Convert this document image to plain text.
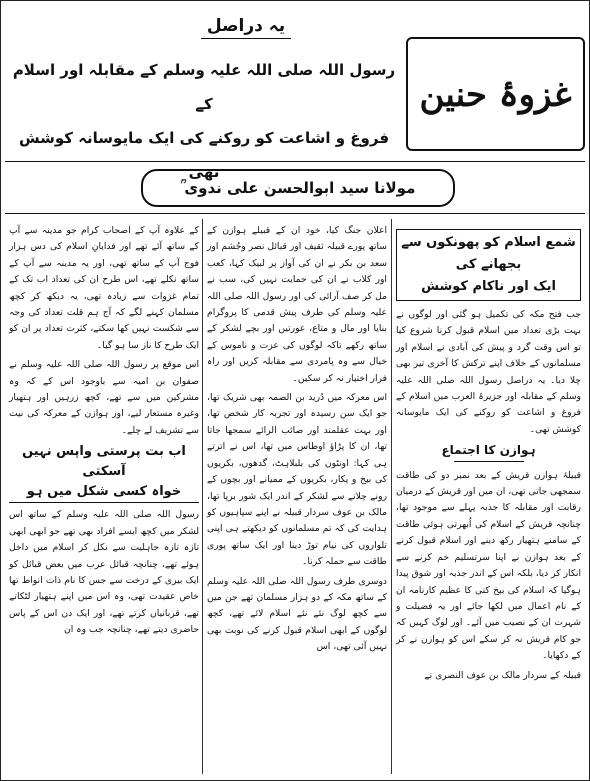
یہ دراصل
رسول اللہ صلی اللہ علیہ وسلم کے مقابلہ اور اسلام کے
فروغ و اشاعت کو روکنے کی ایک مایوسانہ کوشش تھی
غزوۂ حنین
مولانا سید ابوالحسن علی ندوی ؒ
شمع اسلام کو پھونکوں سے بجھانے کی
ایک اور ناکام کوشش

جب فتح مکہ کی تکمیل ہو گئی اور لوگوں نے بہت بڑی تعداد میں اسلام قبول کرنا شروع کیا تو اس وقت گرد و پیش کی آبادی نے اسلام اور مسلمانوں کے خلاف اپنے ترکش کا آخری تیر بھی چلا دیا۔ یہ دراصل رسول اللہ صلی اللہ علیہ وسلم کے مقابلہ اور جزیرۃ العرب میں اسلام کے فروغ و اشاعت کو روکنے کی ایک مایوسانہ کوشش تھی۔

ہوازن کا اجتماع

قبیلۂ ہوازن قریش کے بعد نمبر دو کی طاقت سمجھی جاتی تھی، ان میں اور قریش کے درمیان رقابت اور مقابلہ کا جذبہ پہلے سے موجود تھا، چنانچہ قریش کے اسلام کی اُبھرتی ہوئی طاقت کے سامنے ہتھیار رکھ دینے اور اسلام قبول کرنے کے بعد ہوازن نے اپنا سرتسلیم خم کرنے سے انکار کر دیا، بلکہ اس کے اندر جذبہ اور شوق پیدا ہوگیا کہ اسلام کی بیخ کنی کا عظیم کارنامہ ان کے نام اعمال میں لکھا جائے اور یہ فضیلت و شہرت ان کے نصیب میں آئے۔ اور لوگ کہیں کہ جو کام قریش نہ کر سکے اس کو ہوازن نے کر کے دکھایا۔

قبیلہ کے سردار مالک بن عوف النصری نے

اعلان جنگ کیا، خود ان کے قبیلے ہوازن کے ساتھ پورے قبیلہ ثقیف اور قبائل نصر وجُشم اور سعد بن بکر نے ان کی آواز پر لبیک کہا، کعب اور کلاب نے ان کی حمایت نہیں کی، سب نے مل کر صف آرائی کی اور رسول اللہ صلی اللہ علیہ وسلم کی طرف پیش قدمی کا پروگرام بنایا اور مال و متاع، عورتیں اور بچے لشکر کے ساتھ رکھے تاکہ لوگوں کی عزت و ناموس کے خیال سے وہ پامردی سے مقابلہ کریں اور راہ فرار اختیار نہ کر سکیں۔

اس معرکہ میں دُرید بن الصمہ بھی شریک تھا، جو ایک سن رسیدہ اور تجربہ کار شخص تھا، اور بہت عقلمند اور صائب الرائے سمجھا جاتا تھا، ان کا پڑاؤ اوطاس میں تھا، اس نے اترتے ہی کہا: اونٹوں کی بلبلاہٹ، گدھوں، بکریوں کی بیخ و پکار، بکریوں کے ممیانے اور بچوں کے رونے چلانے سے لشکر کے اندر ایک شور برپا تھا، مالک بن عوف سردار قبیلہ نے اپنے سپاہیوں کو ہدایت کی کہ تم مسلمانوں کو دیکھتے ہی اپنی تلواروں کی نیام توڑ دینا اور ایک ساتھ پوری طاقت سے حملہ کرنا۔

دوسری طرف رسول اللہ صلی اللہ علیہ وسلم کے ساتھ مکہ کے دو ہزار مسلمان تھے جن میں سے کچھ لوگ نئے نئے اسلام لائے تھے، کچھ لوگوں کے ابھی اسلام قبول کرنے کی نوبت بھی نہیں آئی تھی، اس

کے علاوہ آپ کے اصحاب کرام جو مدینہ سے آپ کے ساتھ آئے تھے اور فدایانِ اسلام کی دس ہزار فوج آپ کے ساتھ تھی، اور یہ مدینہ سے آپ کے ساتھ نکلے تھے، اس طرح ان کی تعداد اب تک کے تمام غزوات سے زیادہ تھی، یہ دیکھ کر کچھ مسلمان کہنے لگے کہ آج ہم قلت تعداد کی وجہ سے شکست نہیں کھا سکتے، کثرت تعداد پر ان کو ایک طرح کا ناز سا ہو گیا۔

اس موقع پر رسول اللہ صلی اللہ علیہ وسلم نے صفوان بن امیہ سے باوجود اس کے کہ وہ مشرکین میں سے تھے، کچھ زرہیں اور ہتھیار وغیرہ مستعار لیے، اور ہوازن کے معرکہ کی نیت سے تشریف لے چلے۔

اب بت پرستی واپس نہیں آسکتی
خواہ کسی شکل میں ہو

رسول اللہ صلی اللہ علیہ وسلم کے ساتھ اس لشکر میں کچھ ایسے افراد بھی تھے جو ابھی ابھی تازہ تازہ جاہلیت سے نکل کر اسلام میں داخل ہوئے تھے، چنانچہ قبائل عرب میں بعض قبائل کو ایک بیری کے درخت سے جس کا نام ذات انواط تھا خاص عقیدت تھی، وہ اس میں اپنے ہتھیار لٹکاتے تھے، قربانیاں کرتے تھے، اور ایک دن اس کے پاس حاضری دیتے تھے، چنانچہ جب وہ ان
